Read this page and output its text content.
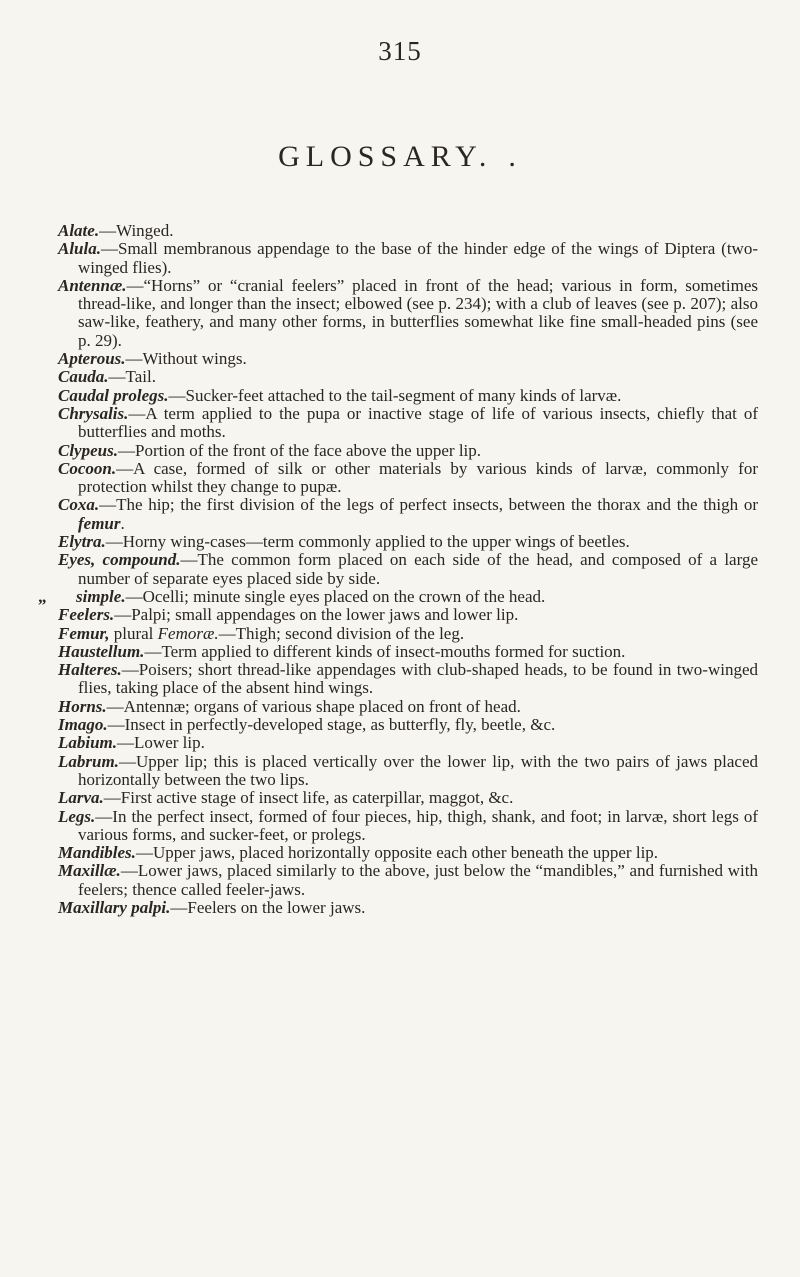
315
GLOSSARY. .
Alate.—Winged.
Alula.—Small membranous appendage to the base of the hinder edge of the wings of Diptera (two-winged flies).
Antennæ.—“Horns” or “cranial feelers” placed in front of the head; various in form, sometimes thread-like, and longer than the insect; elbowed (see p. 234); with a club of leaves (see p. 207); also saw-like, feathery, and many other forms, in butterflies somewhat like fine small-headed pins (see p. 29).
Apterous.—Without wings.
Cauda.—Tail.
Caudal prolegs.—Sucker-feet attached to the tail-segment of many kinds of larvæ.
Chrysalis.—A term applied to the pupa or inactive stage of life of various insects, chiefly that of butterflies and moths.
Clypeus.—Portion of the front of the face above the upper lip.
Cocoon.—A case, formed of silk or other materials by various kinds of larvæ, commonly for protection whilst they change to pupæ.
Coxa.—The hip; the first division of the legs of perfect insects, between the thorax and the thigh or femur.
Elytra.—Horny wing-cases—term commonly applied to the upper wings of beetles.
Eyes, compound.—The common form placed on each side of the head, and composed of a large number of separate eyes placed side by side.
„ simple.—Ocelli; minute single eyes placed on the crown of the head.
Feelers.—Palpi; small appendages on the lower jaws and lower lip.
Femur, plural Femoræ.—Thigh; second division of the leg.
Haustellum.—Term applied to different kinds of insect-mouths formed for suction.
Halteres.—Poisers; short thread-like appendages with club-shaped heads, to be found in two-winged flies, taking place of the absent hind wings.
Horns.—Antennæ; organs of various shape placed on front of head.
Imago.—Insect in perfectly-developed stage, as butterfly, fly, beetle, &c.
Labium.—Lower lip.
Labrum.—Upper lip; this is placed vertically over the lower lip, with the two pairs of jaws placed horizontally between the two lips.
Larva.—First active stage of insect life, as caterpillar, maggot, &c.
Legs.—In the perfect insect, formed of four pieces, hip, thigh, shank, and foot; in larvæ, short legs of various forms, and sucker-feet, or prolegs.
Mandibles.—Upper jaws, placed horizontally opposite each other beneath the upper lip.
Maxillæ.—Lower jaws, placed similarly to the above, just below the “mandibles,” and furnished with feelers; thence called feeler-jaws.
Maxillary palpi.—Feelers on the lower jaws.
